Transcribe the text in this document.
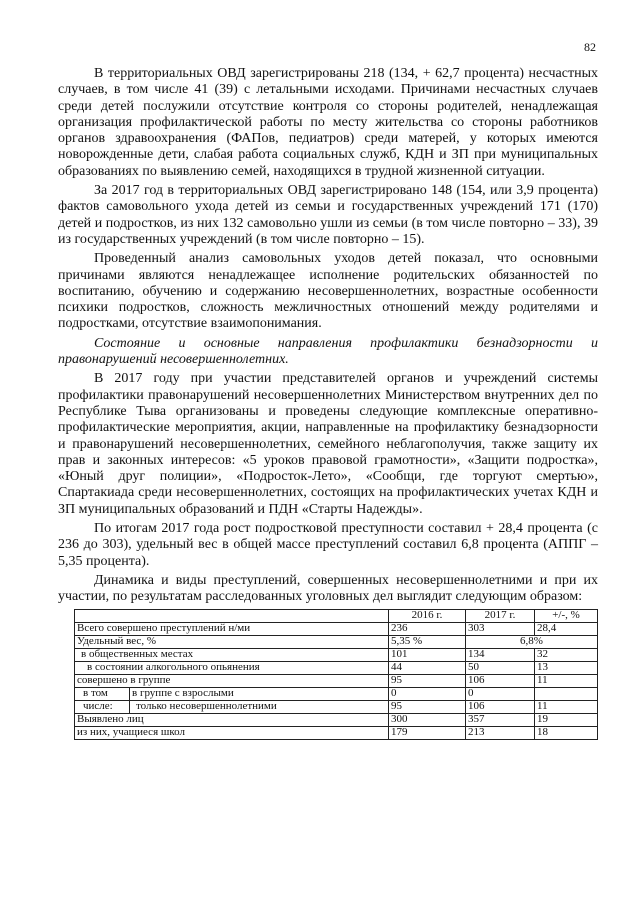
82

В территориальных ОВД зарегистрированы 218 (134, + 62,7 процента) несчастных случаев, в том числе 41 (39) с летальными исходами. Причинами несчастных случаев среди детей послужили отсутствие контроля со стороны родителей, ненадлежащая организация профилактической работы по месту жительства со стороны работников органов здравоохранения (ФАПов, педиатров) среди матерей, у которых имеются новорожденные дети, слабая работа социальных служб, КДН и ЗП при муниципальных образованиях по выявлению семей, находящихся в трудной жизненной ситуации.

За 2017 год в территориальных ОВД зарегистрировано 148 (154, или 3,9 процента) фактов самовольного ухода детей из семьи и государственных учреждений 171 (170) детей и подростков, из них 132 самовольно ушли из семьи (в том числе повторно – 33), 39 из государственных учреждений (в том числе повторно – 15).

Проведенный анализ самовольных уходов детей показал, что основными причинами являются ненадлежащее исполнение родительских обязанностей по воспитанию, обучению и содержанию несовершеннолетних, возрастные особенности психики подростков, сложность межличностных отношений между родителями и подростками, отсутствие взаимопонимания.

Состояние и основные направления профилактики безнадзорности и правонарушений несовершеннолетних.

В 2017 году при участии представителей органов и учреждений системы профилактики правонарушений несовершеннолетних Министерством внутренних дел по Республике Тыва организованы и проведены следующие комплексные оперативно-профилактические мероприятия, акции, направленные на профилактику безнадзорности и правонарушений несовершеннолетних, семейного неблагополучия, также защиту их прав и законных интересов: «5 уроков правовой грамотности», «Защити подростка», «Юный друг полиции», «Подросток-Лето», «Сообщи, где торгуют смертью», Спартакиада среди несовершеннолетних, состоящих на профилактических учетах КДН и ЗП муниципальных образований и ПДН «Старты Надежды».

По итогам 2017 года рост подростковой преступности составил + 28,4 процента (с 236 до 303), удельный вес в общей массе преступлений составил 6,8 процента (АППГ – 5,35 процента).

Динамика и виды преступлений, совершенных несовершеннолетними и при их участии, по результатам расследованных уголовных дел выглядит следующим образом:

		2016 г.	2017 г.	+/-, %
Всего совершено преступлений н/ми		236	303	28,4
Удельный вес, %		5,35 %	6,8%	
в общественных местах		101	134	32
в состоянии алкогольного опьянения		44	50	13
совершено в группе		95	106	11
в том	в группе с взрослыми	0	0	
числе:	только несовершеннолетними	95	106	11
Выявлено лиц		300	357	19
из них, учащиеся школ		179	213	18
